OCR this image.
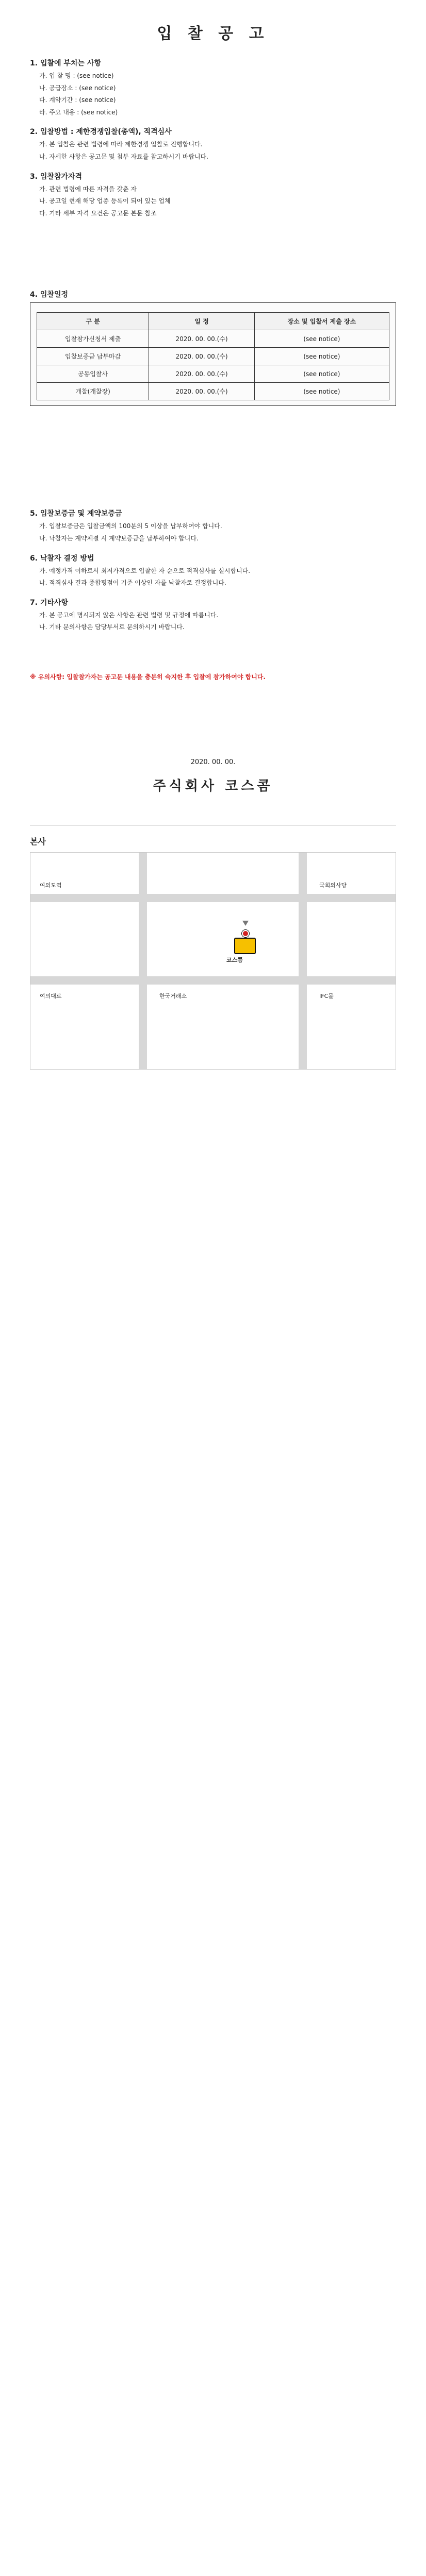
입 찰 공 고
1. 입찰에 부치는 사항

가. 입 찰 명 : (see notice)

나. 공급장소 : (see notice)

다. 계약기간 : (see notice)

라. 주요 내용 : (see notice)

2. 입찰방법 : 제한경쟁입찰(총액), 적격심사

가. 본 입찰은 관련 법령에 따라 제한경쟁 입찰로 진행합니다.

나. 자세한 사항은 공고문 및 첨부 자료를 참고하시기 바랍니다.

3. 입찰참가자격

가. 관련 법령에 따른 자격을 갖춘 자

나. 공고일 현재 해당 업종 등록이 되어 있는 업체

다. 기타 세부 자격 요건은 공고문 본문 참조

4. 입찰일정
구 분	일 정	장소 및 입찰서 제출 장소
입찰참가신청서 제출	2020. 00. 00.(수)	(see notice)
입찰보증금 납부마감	2020. 00. 00.(수)	(see notice)
공동입찰사	2020. 00. 00.(수)	(see notice)
개찰(개찰장)	2020. 00. 00.(수)	(see notice)
5. 입찰보증금 및 계약보증금

가. 입찰보증금은 입찰금액의 100분의 5 이상을 납부하여야 합니다.

나. 낙찰자는 계약체결 시 계약보증금을 납부하여야 합니다.

6. 낙찰자 결정 방법

가. 예정가격 이하로서 최저가격으로 입찰한 자 순으로 적격심사를 실시합니다.

나. 적격심사 결과 종합평점이 기준 이상인 자를 낙찰자로 결정합니다.

7. 기타사항

가. 본 공고에 명시되지 않은 사항은 관련 법령 및 규정에 따릅니다.

나. 기타 문의사항은 담당부서로 문의하시기 바랍니다.

※ 유의사항: 입찰참가자는 공고문 내용을 충분히 숙지한 후 입찰에 참가하여야 합니다.

2020. 00. 00.
주식회사 코스콤
본사
여의도역	국회의사당
IFC몰
코스콤
한국거래소
여의대로
